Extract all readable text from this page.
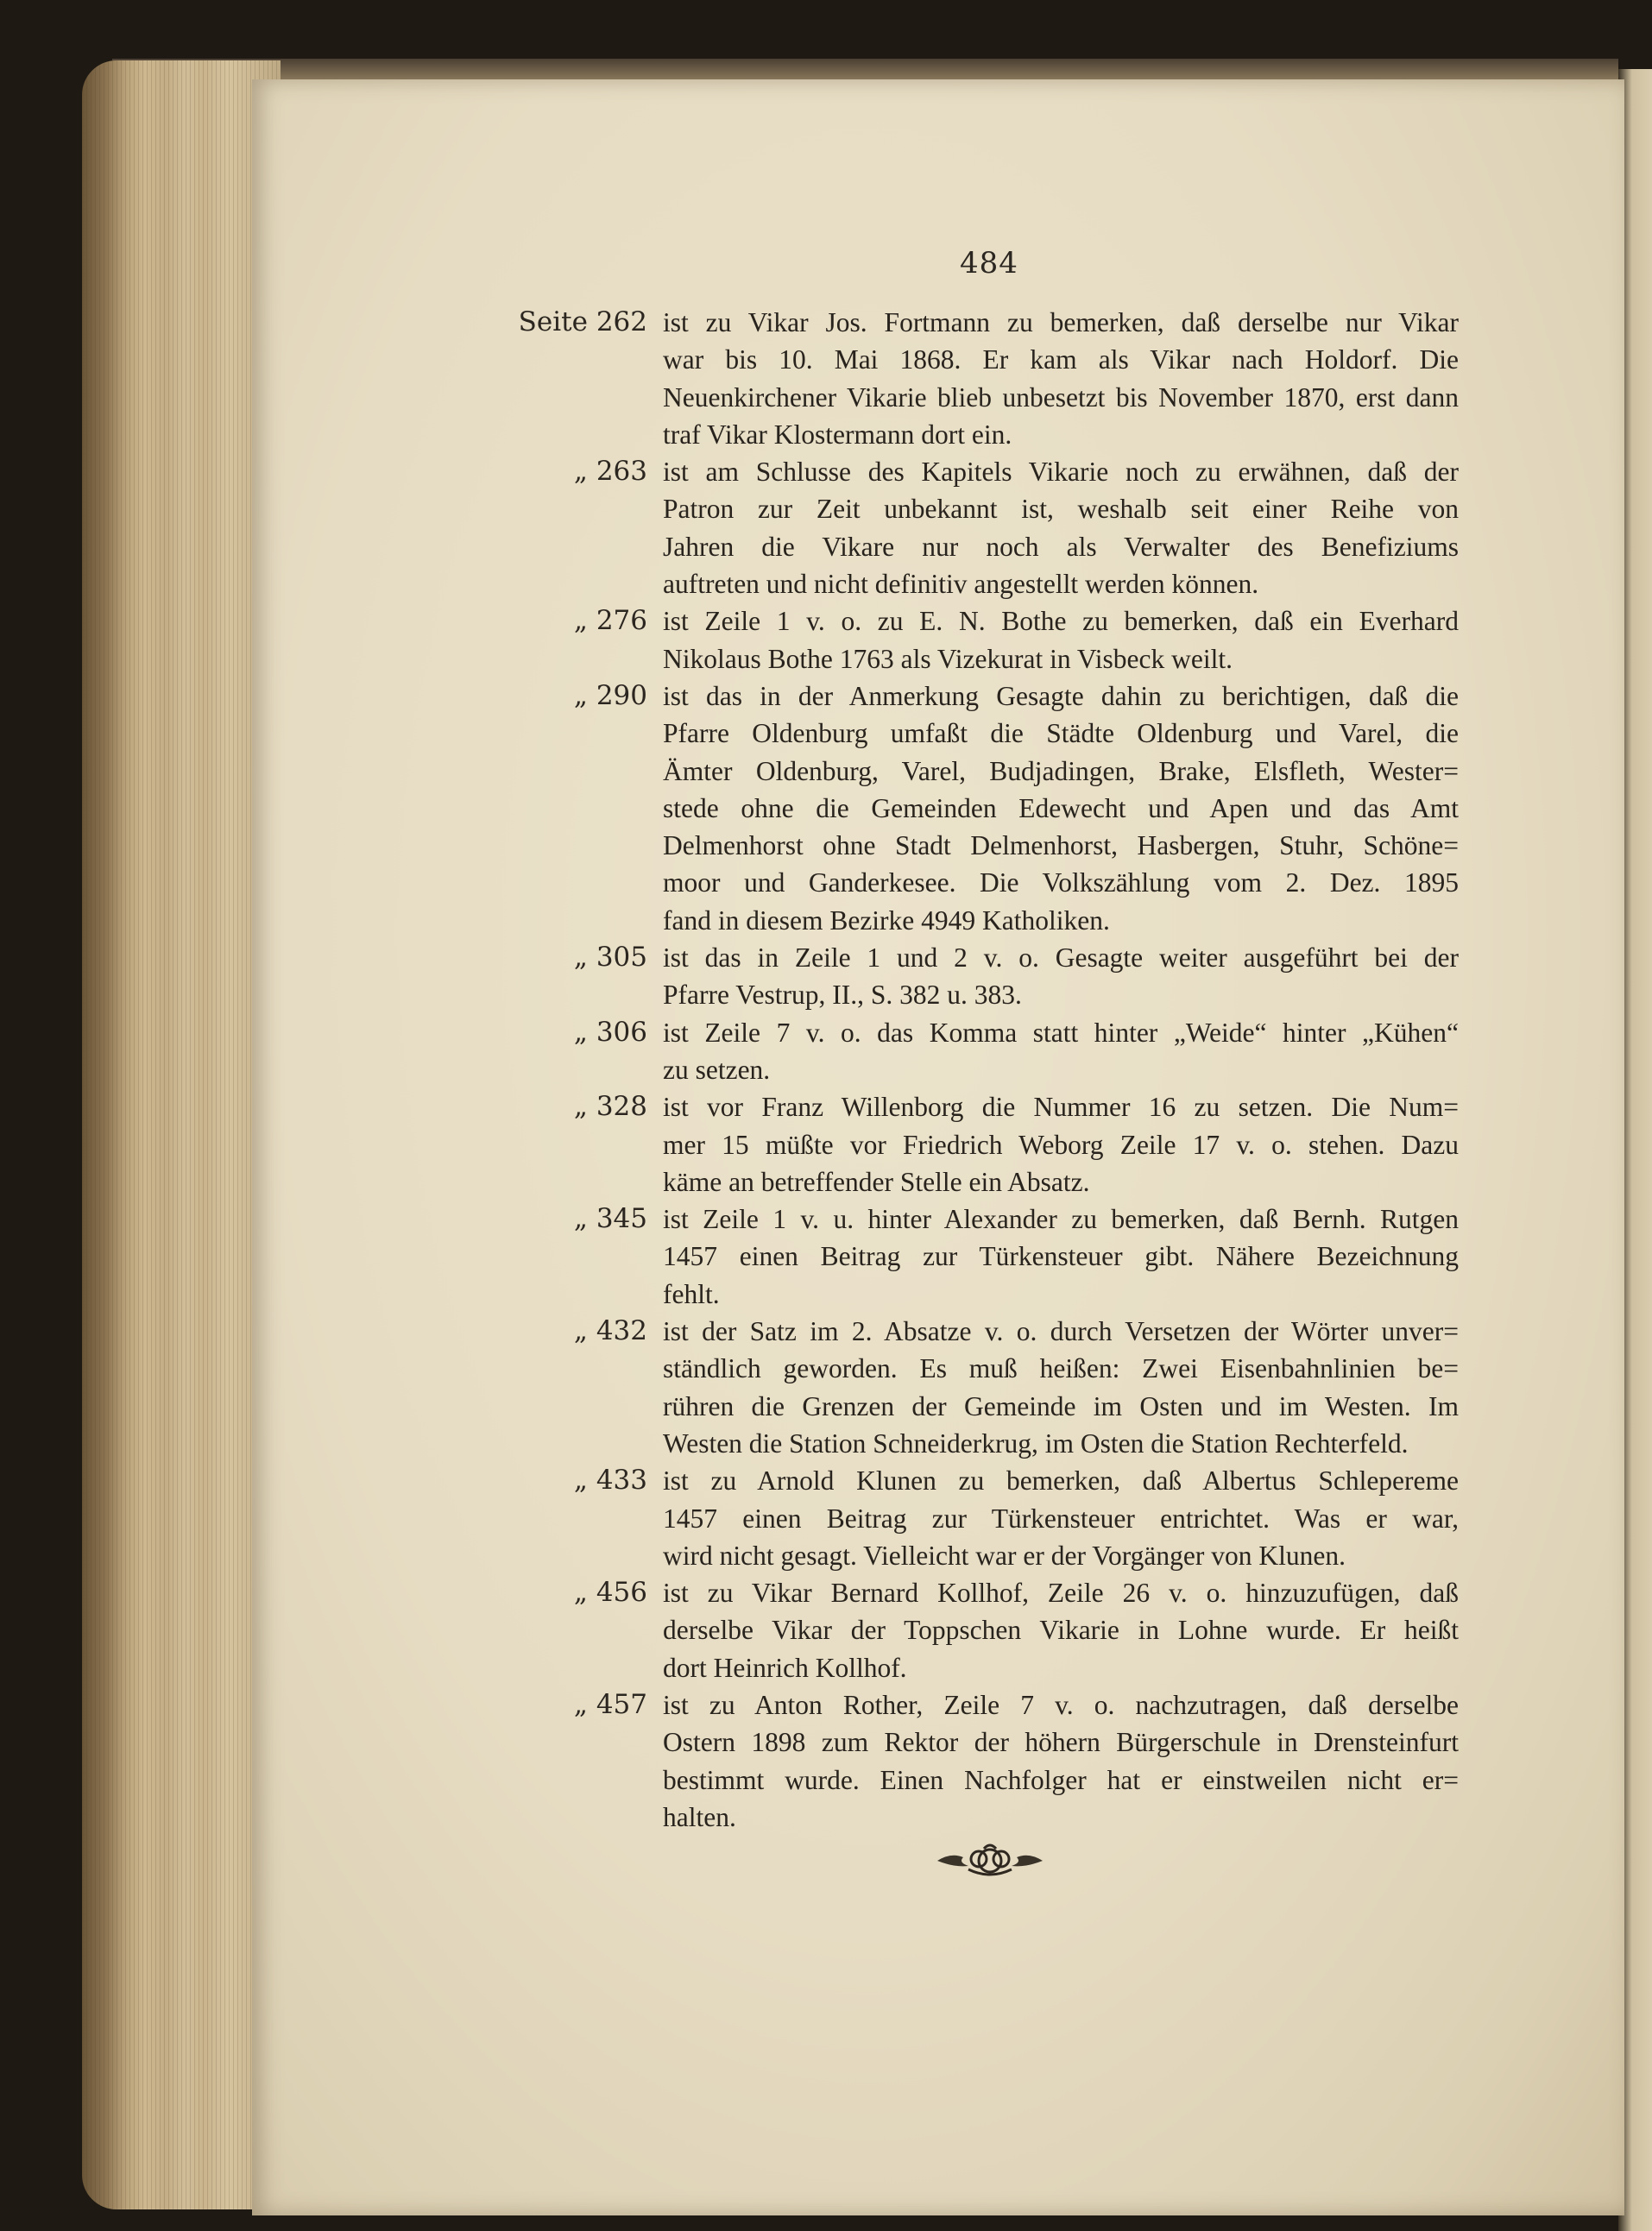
484
Seite 262 ist zu Vikar Jos. Fortmann zu bemerken, daß derselbe nur Vikar
war bis 10. Mai 1868. Er kam als Vikar nach Holdorf. Die
Neuenkirchener Vikarie blieb unbesetzt bis November 1870, erst dann
traf Vikar Klostermann dort ein.
„ 263 ist am Schlusse des Kapitels Vikarie noch zu erwähnen, daß der
Patron zur Zeit unbekannt ist, weshalb seit einer Reihe von
Jahren die Vikare nur noch als Verwalter des Benefiziums
auftreten und nicht definitiv angestellt werden können.
„ 276 ist Zeile 1 v. o. zu E. N. Bothe zu bemerken, daß ein Everhard
Nikolaus Bothe 1763 als Vizekurat in Visbeck weilt.
„ 290 ist das in der Anmerkung Gesagte dahin zu berichtigen, daß die
Pfarre Oldenburg umfaßt die Städte Oldenburg und Varel, die
Ämter Oldenburg, Varel, Budjadingen, Brake, Elsfleth, Wester=
stede ohne die Gemeinden Edewecht und Apen und das Amt
Delmenhorst ohne Stadt Delmenhorst, Hasbergen, Stuhr, Schöne=
moor und Ganderkesee. Die Volkszählung vom 2. Dez. 1895
fand in diesem Bezirke 4949 Katholiken.
„ 305 ist das in Zeile 1 und 2 v. o. Gesagte weiter ausgeführt bei der
Pfarre Vestrup, II., S. 382 u. 383.
„ 306 ist Zeile 7 v. o. das Komma statt hinter „Weide“ hinter „Kühen“
zu setzen.
„ 328 ist vor Franz Willenborg die Nummer 16 zu setzen. Die Num=
mer 15 müßte vor Friedrich Weborg Zeile 17 v. o. stehen. Dazu
käme an betreffender Stelle ein Absatz.
„ 345 ist Zeile 1 v. u. hinter Alexander zu bemerken, daß Bernh. Rutgen
1457 einen Beitrag zur Türkensteuer gibt. Nähere Bezeichnung
fehlt.
„ 432 ist der Satz im 2. Absatze v. o. durch Versetzen der Wörter unver=
ständlich geworden. Es muß heißen: Zwei Eisenbahnlinien be=
rühren die Grenzen der Gemeinde im Osten und im Westen. Im
Westen die Station Schneiderkrug, im Osten die Station Rechterfeld.
„ 433 ist zu Arnold Klunen zu bemerken, daß Albertus Schlepereme
1457 einen Beitrag zur Türkensteuer entrichtet. Was er war,
wird nicht gesagt. Vielleicht war er der Vorgänger von Klunen.
„ 456 ist zu Vikar Bernard Kollhof, Zeile 26 v. o. hinzuzufügen, daß
derselbe Vikar der Toppschen Vikarie in Lohne wurde. Er heißt
dort Heinrich Kollhof.
„ 457 ist zu Anton Rother, Zeile 7 v. o. nachzutragen, daß derselbe
Ostern 1898 zum Rektor der höhern Bürgerschule in Drensteinfurt
bestimmt wurde. Einen Nachfolger hat er einstweilen nicht er=
halten.
